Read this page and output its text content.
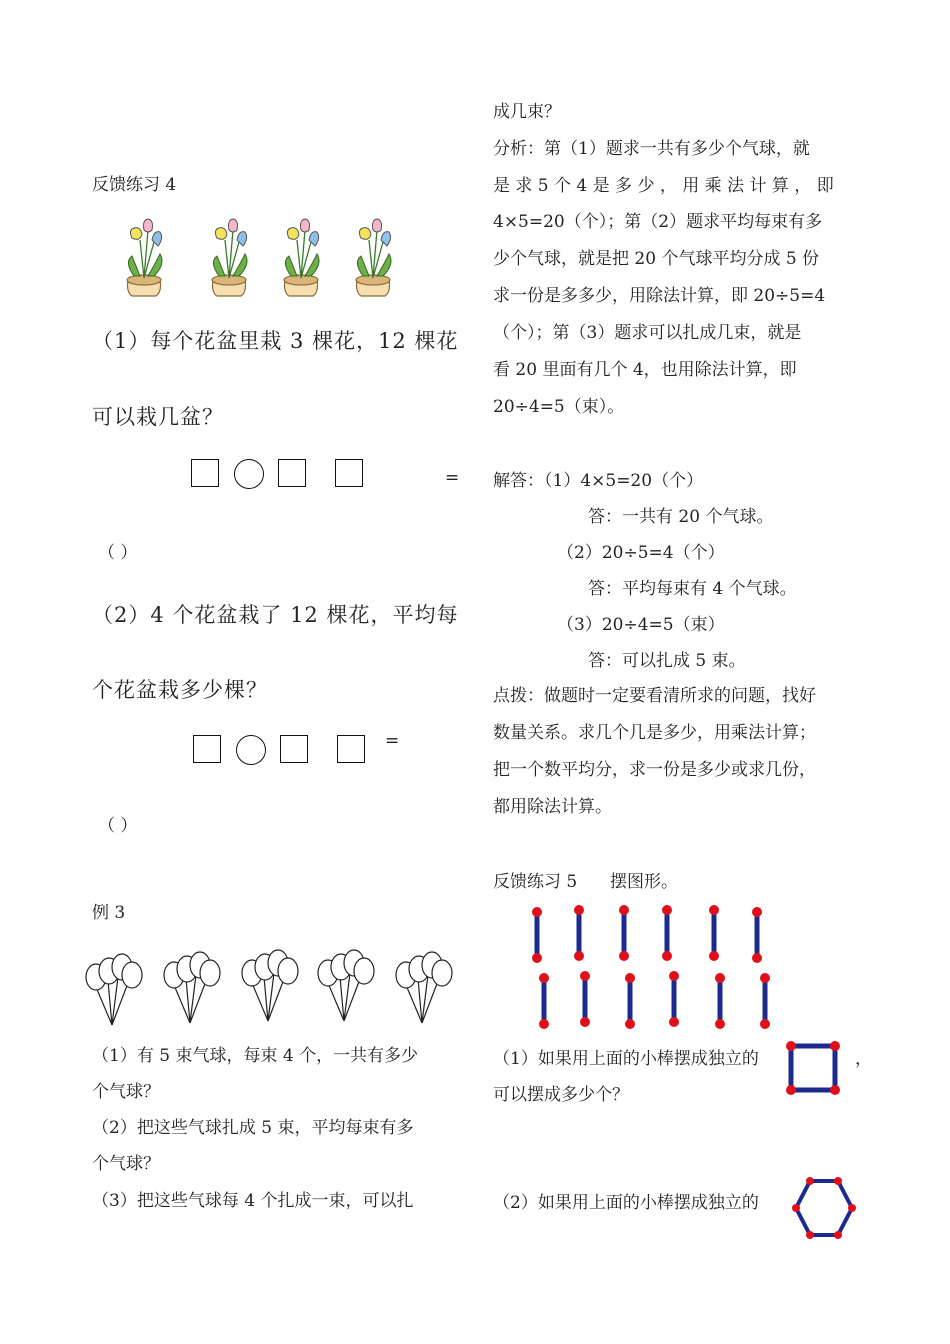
反馈练习 4
（1）每个花盆里栽 3 棵花，12 棵花
可以栽几盆？
=
（ ）
（2）4 个花盆栽了 12 棵花，平均每
个花盆栽多少棵？
=
（ ）
例 3
（1）有 5 束气球，每束 4 个，一共有多少
个气球？
（2）把这些气球扎成 5 束，平均每束有多
个气球？
（3）把这些气球每 4 个扎成一束，可以扎
成几束？
分析：第（1）题求一共有多少个气球，就
是 求 5 个 4 是 多 少 ， 用 乘 法 计 算 ， 即
4×5=20（个）；第（2）题求平均每束有多
少个气球，就是把 20 个气球平均分成 5 份
求一份是多多少，用除法计算，即 20÷5=4
（个）；第（3）题求可以扎成几束，就是
看 20 里面有几个 4，也用除法计算，即
20÷4=5（束）。
解答：（1）4×5=20（个）
答：一共有 20 个气球。
（2）20÷5=4（个）
答：平均每束有 4 个气球。
（3）20÷4=5（束）
答：可以扎成 5 束。
点拨：做题时一定要看清所求的问题，找好
数量关系。求几个几是多少，用乘法计算；
把一个数平均分，求一份是多少或求几份，
都用除法计算。
反馈练习 5 摆图形。
（1）如果用上面的小棒摆成独立的	，
可以摆成多少个？
（2）如果用上面的小棒摆成独立的
